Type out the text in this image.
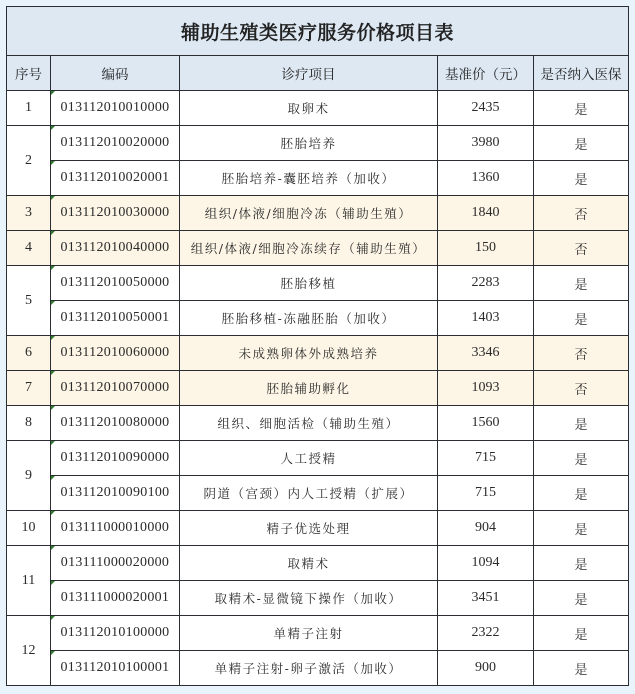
辅助生殖类医疗服务价格项目表				
序号	编码	诊疗项目	基准价（元）	是否纳入医保
1	013112010010000	取卵术	2435	是
2	013112010020000	胚胎培养	3980	是
	013112010020001	胚胎培养-囊胚培养（加收）	1360	是
3	013112010030000	组织/体液/细胞冷冻（辅助生殖）	1840	否
4	013112010040000	组织/体液/细胞冷冻续存（辅助生殖）	150	否
5	013112010050000	胚胎移植	2283	是
	013112010050001	胚胎移植-冻融胚胎（加收）	1403	是
6	013112010060000	未成熟卵体外成熟培养	3346	否
7	013112010070000	胚胎辅助孵化	1093	否
8	013112010080000	组织、细胞活检（辅助生殖）	1560	是
9	013112010090000	人工授精	715	是
	013112010090100	阴道（宫颈）内人工授精（扩展）	715	是
10	013111000010000	精子优选处理	904	是
11	013111000020000	取精术	1094	是
	013111000020001	取精术-显微镜下操作（加收）	3451	是
12	013112010100000	单精子注射	2322	是
	013112010100001	单精子注射-卵子激活（加收）	900	是
